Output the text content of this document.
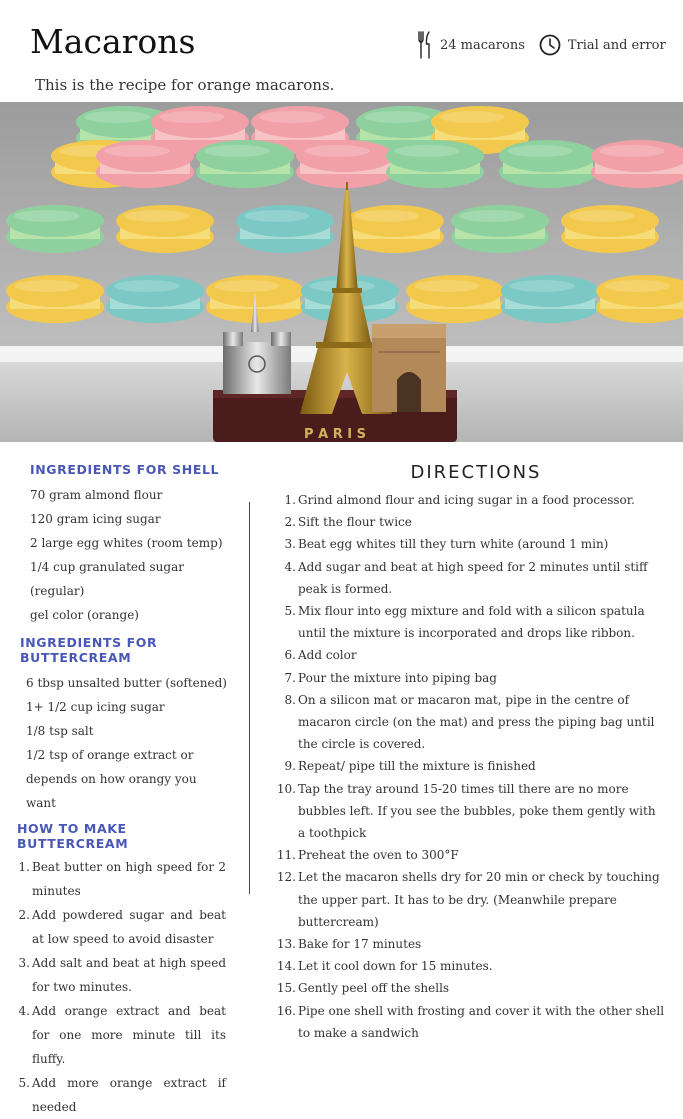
Macarons	24 macarons	Trial and error

This is the recipe for orange macarons.

P A R I S
INGREDIENTS FOR SHELL
70 gram almond flour
120 gram icing sugar
2 large egg whites (room temp)
1/4 cup granulated sugar (regular)
gel color (orange)
INGREDIENTS FOR BUTTERCREAM
6 tbsp unsalted butter (softened)
1+ 1/2 cup icing sugar
1/8 tsp salt
1/2 tsp of orange extract or depends on how orangy you want
HOW TO MAKE BUTTERCREAM
1. Beat butter on high speed for 2 minutes
2. Add powdered sugar and beat at low speed to avoid disaster
3. Add salt and beat at high speed for two minutes.
4. Add orange extract and beat for one more minute till its fluffy.
5. Add more orange extract if needed
DIRECTIONS
1. Grind almond flour and icing sugar in a food processor.
2. Sift the flour twice
3. Beat egg whites till they turn white (around 1 min)
4. Add sugar and beat at high speed for 2 minutes until stiff peak is formed.
5. Mix flour into egg mixture and fold with a silicon spatula until the mixture is incorporated and drops like ribbon.
6. Add color
7. Pour the mixture into piping bag
8. On a silicon mat or macaron mat, pipe in the centre of macaron circle (on the mat) and press the piping bag until the circle is covered.
9. Repeat/ pipe till the mixture is finished
10. Tap the tray around 15-20 times till there are no more bubbles left. If you see the bubbles, poke them gently with a toothpick
11. Preheat the oven to 300°F
12. Let the macaron shells dry for 20 min or check by touching the upper part. It has to be dry. (Meanwhile prepare buttercream)
13. Bake for 17 minutes
14. Let it cool down for 15 minutes.
15. Gently peel off the shells
16. Pipe one shell with frosting and cover it with the other shell to make a sandwich
